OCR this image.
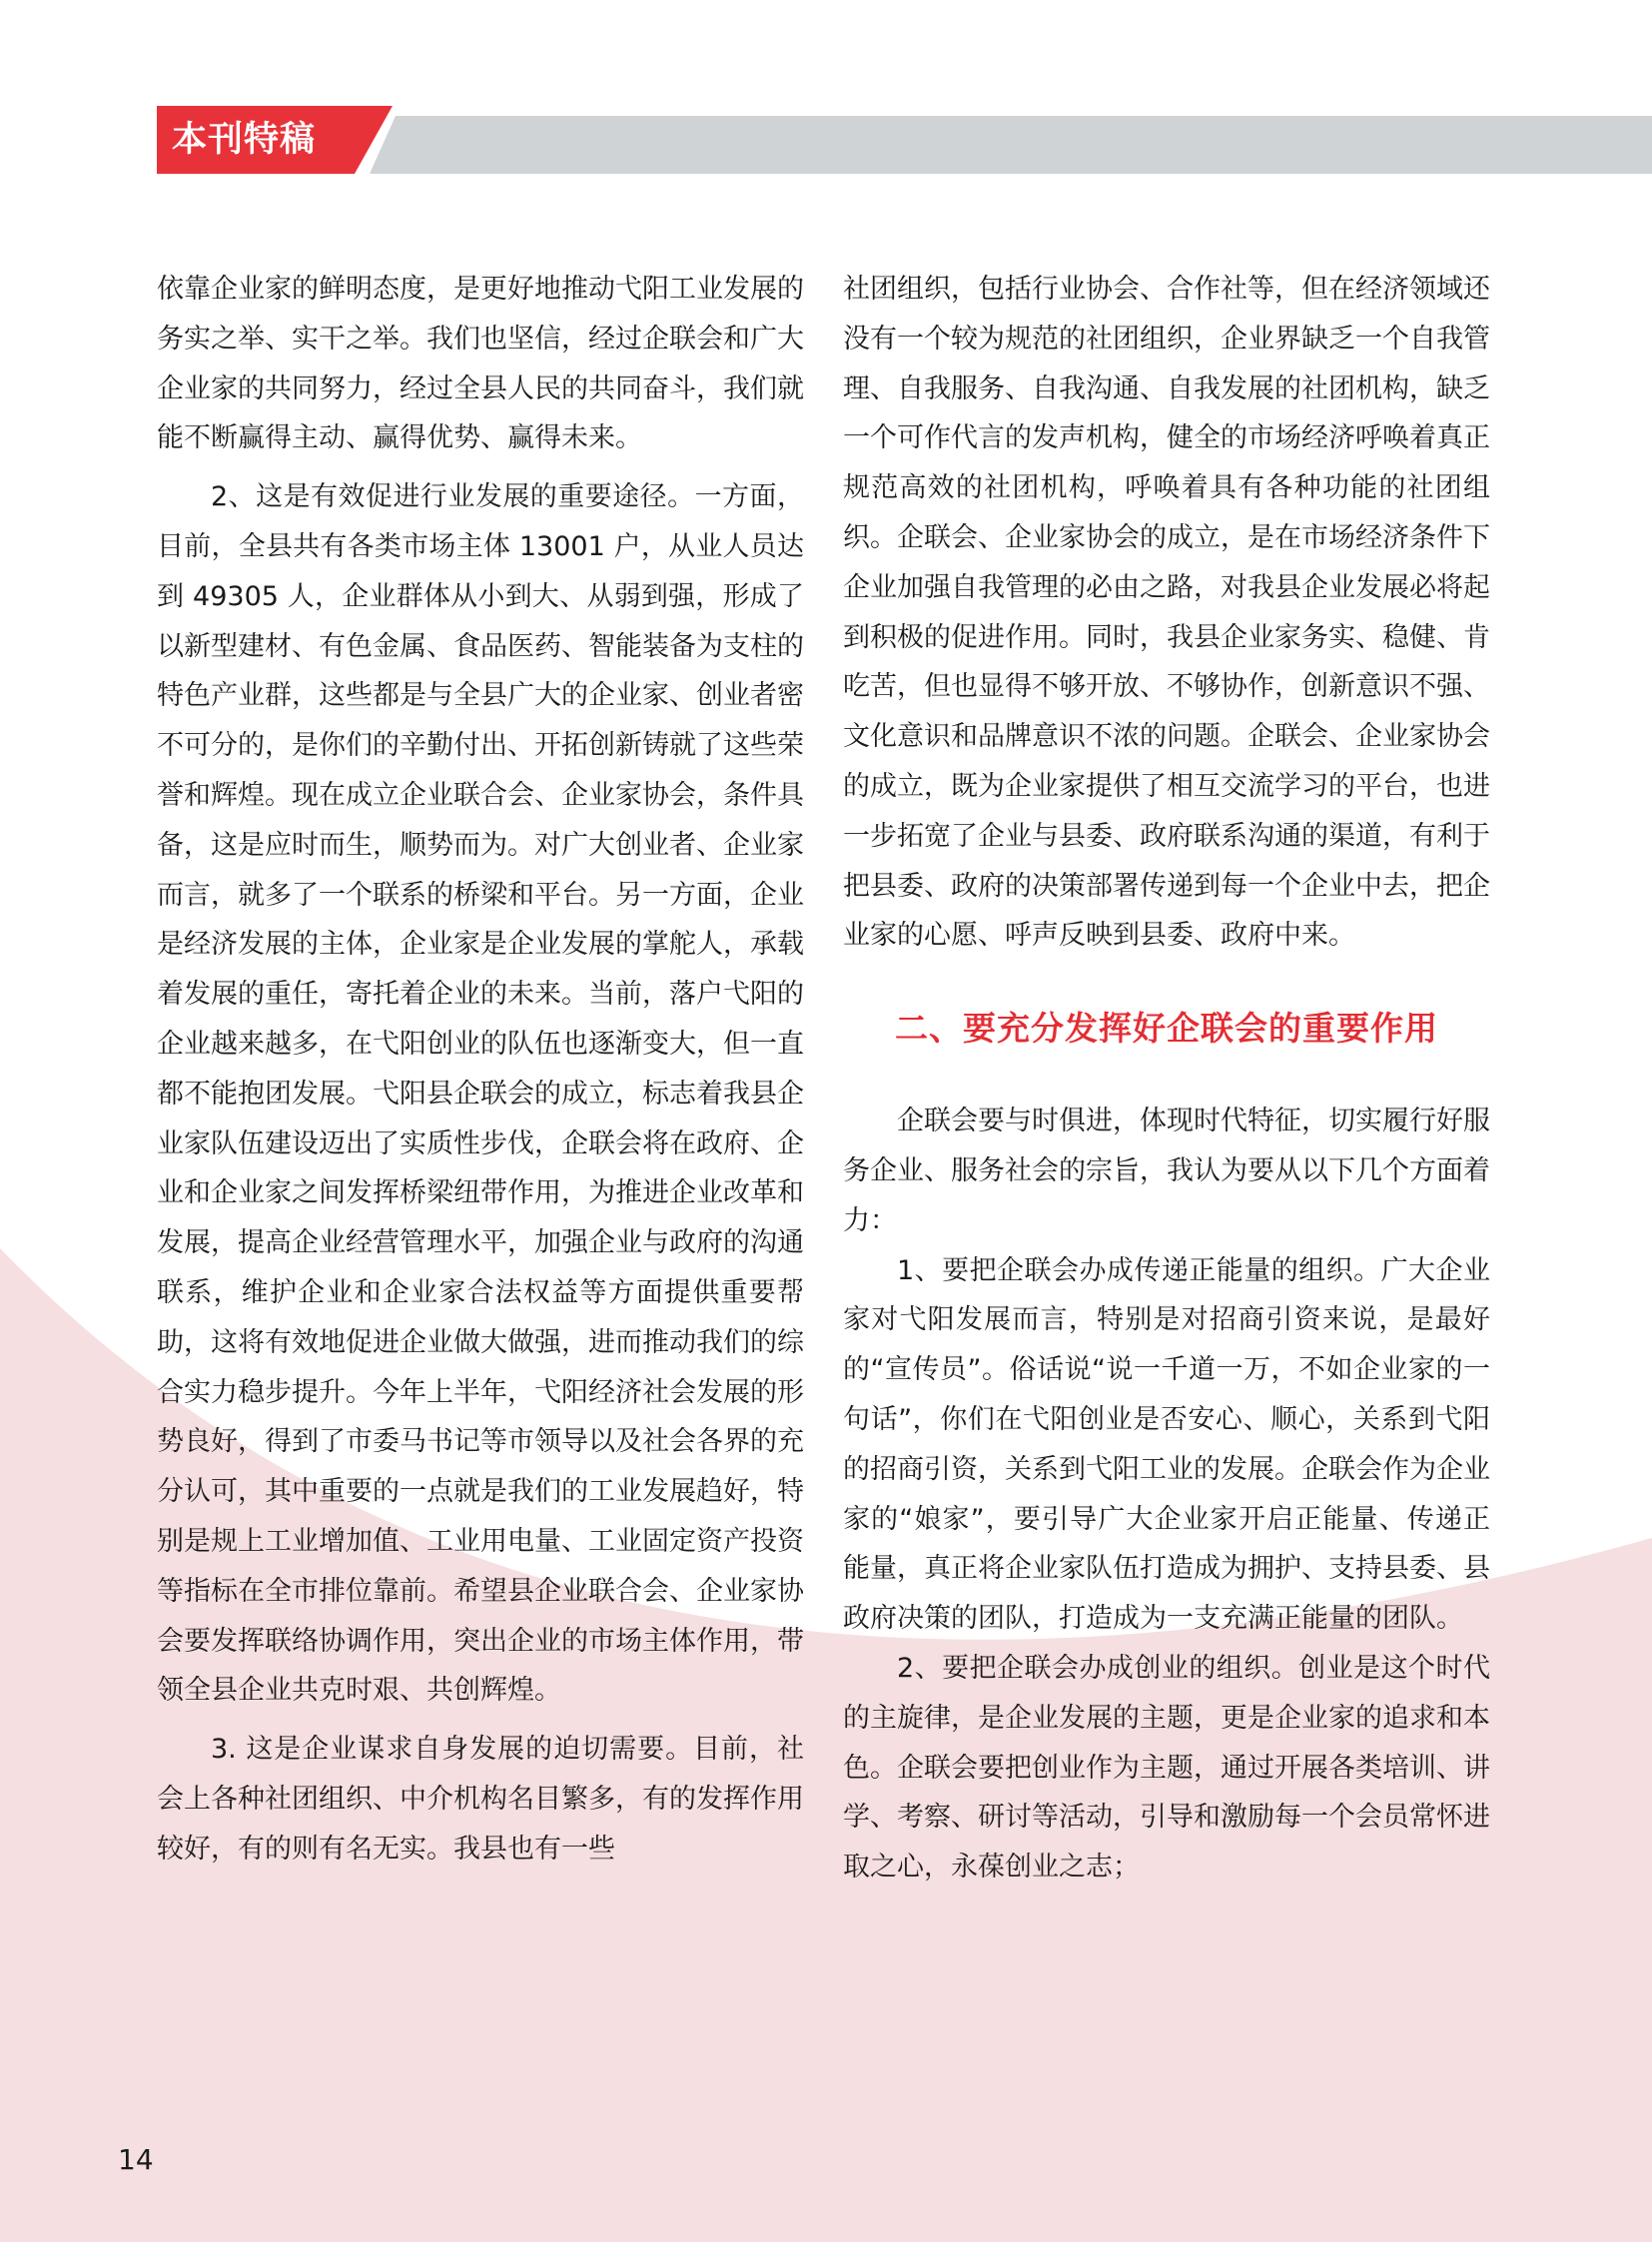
本刊特稿

依靠企业家的鲜明态度，是更好地推动弋阳工业发展的务实之举、实干之举。我们也坚信，经过企联会和广大企业家的共同努力，经过全县人民的共同奋斗，我们就能不断赢得主动、赢得优势、赢得未来。

2、这是有效促进行业发展的重要途径。一方面，目前，全县共有各类市场主体 13001 户，从业人员达到 49305 人，企业群体从小到大、从弱到强，形成了以新型建材、有色金属、食品医药、智能装备为支柱的特色产业群，这些都是与全县广大的企业家、创业者密不可分的，是你们的辛勤付出、开拓创新铸就了这些荣誉和辉煌。现在成立企业联合会、企业家协会，条件具备，这是应时而生，顺势而为。对广大创业者、企业家而言，就多了一个联系的桥梁和平台。另一方面，企业是经济发展的主体，企业家是企业发展的掌舵人，承载着发展的重任，寄托着企业的未来。当前，落户弋阳的企业越来越多，在弋阳创业的队伍也逐渐变大，但一直都不能抱团发展。弋阳县企联会的成立，标志着我县企业家队伍建设迈出了实质性步伐，企联会将在政府、企业和企业家之间发挥桥梁纽带作用，为推进企业改革和发展，提高企业经营管理水平，加强企业与政府的沟通联系，维护企业和企业家合法权益等方面提供重要帮助，这将有效地促进企业做大做强，进而推动我们的综合实力稳步提升。今年上半年，弋阳经济社会发展的形势良好，得到了市委马书记等市领导以及社会各界的充分认可，其中重要的一点就是我们的工业发展趋好，特别是规上工业增加值、工业用电量、工业固定资产投资等指标在全市排位靠前。希望县企业联合会、企业家协会要发挥联络协调作用，突出企业的市场主体作用，带领全县企业共克时艰、共创辉煌。

3. 这是企业谋求自身发展的迫切需要。目前，社会上各种社团组织、中介机构名目繁多，有的发挥作用较好，有的则有名无实。我县也有一些

社团组织，包括行业协会、合作社等，但在经济领域还没有一个较为规范的社团组织，企业界缺乏一个自我管理、自我服务、自我沟通、自我发展的社团机构，缺乏一个可作代言的发声机构，健全的市场经济呼唤着真正规范高效的社团机构，呼唤着具有各种功能的社团组织。企联会、企业家协会的成立，是在市场经济条件下企业加强自我管理的必由之路，对我县企业发展必将起到积极的促进作用。同时，我县企业家务实、稳健、肯吃苦，但也显得不够开放、不够协作，创新意识不强、文化意识和品牌意识不浓的问题。企联会、企业家协会的成立，既为企业家提供了相互交流学习的平台，也进一步拓宽了企业与县委、政府联系沟通的渠道，有利于把县委、政府的决策部署传递到每一个企业中去，把企业家的心愿、呼声反映到县委、政府中来。

二、要充分发挥好企联会的重要作用

企联会要与时俱进，体现时代特征，切实履行好服务企业、服务社会的宗旨，我认为要从以下几个方面着力：

1、要把企联会办成传递正能量的组织。广大企业家对弋阳发展而言，特别是对招商引资来说，是最好的“宣传员”。俗话说“说一千道一万，不如企业家的一句话”，你们在弋阳创业是否安心、顺心，关系到弋阳的招商引资，关系到弋阳工业的发展。企联会作为企业家的“娘家”，要引导广大企业家开启正能量、传递正能量，真正将企业家队伍打造成为拥护、支持县委、县政府决策的团队，打造成为一支充满正能量的团队。

2、要把企联会办成创业的组织。创业是这个时代的主旋律，是企业发展的主题，更是企业家的追求和本色。企联会要把创业作为主题，通过开展各类培训、讲学、考察、研讨等活动，引导和激励每一个会员常怀进取之心，永葆创业之志；

14
